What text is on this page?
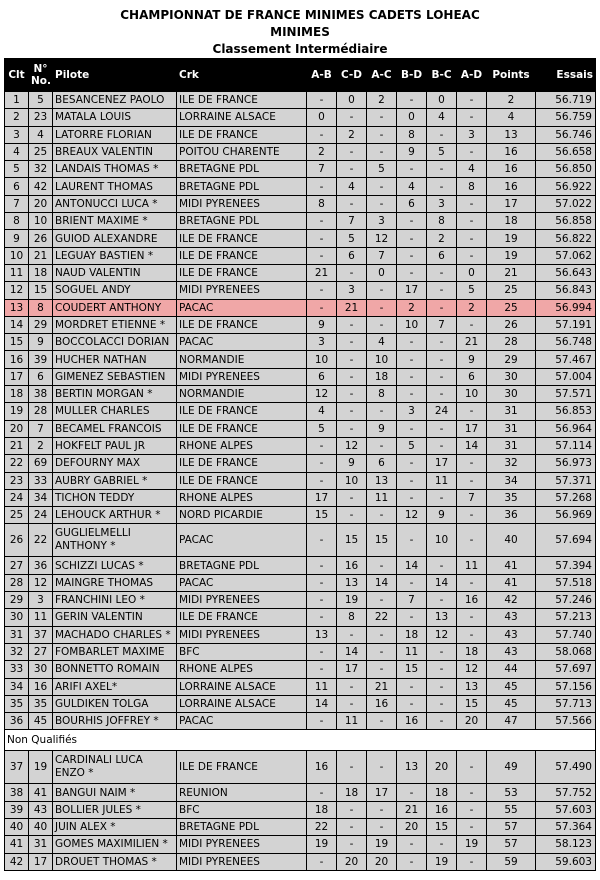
CHAMPIONNAT DE FRANCE MINIMES CADETS LOHEAC
MINIMES
Classement Intermédiaire
Clt	N° No.	Pilote	Crk	A-B	C-D	A-C	B-D	B-C	A-D	Points	Essais
1	5	BESANCENEZ PAOLO	ILE DE FRANCE	-	0	2	-	0	-	2	56.719
2	23	MATALA LOUIS	LORRAINE ALSACE	0	-	-	0	4	-	4	56.759
3	4	LATORRE FLORIAN	ILE DE FRANCE	-	2	-	8	-	3	13	56.746
4	25	BREAUX VALENTIN	POITOU CHARENTE	2	-	-	9	5	-	16	56.658
5	32	LANDAIS THOMAS *	BRETAGNE PDL	7	-	5	-	-	4	16	56.850
6	42	LAURENT THOMAS	BRETAGNE PDL	-	4	-	4	-	8	16	56.922
7	20	ANTONUCCI LUCA *	MIDI PYRENEES	8	-	-	6	3	-	17	57.022
8	10	BRIENT MAXIME *	BRETAGNE PDL	-	7	3	-	8	-	18	56.858
9	26	GUIOD ALEXANDRE	ILE DE FRANCE	-	5	12	-	2	-	19	56.822
10	21	LEGUAY BASTIEN *	ILE DE FRANCE	-	6	7	-	6	-	19	57.062
11	18	NAUD VALENTIN	ILE DE FRANCE	21	-	0	-	-	0	21	56.643
12	15	SOGUEL ANDY	MIDI PYRENEES	-	3	-	17	-	5	25	56.843
13	8	COUDERT ANTHONY	PACAC	-	21	-	2	-	2	25	56.994
14	29	MORDRET ETIENNE *	ILE DE FRANCE	9	-	-	10	7	-	26	57.191
15	9	BOCCOLACCI DORIAN	PACAC	3	-	4	-	-	21	28	56.748
16	39	HUCHER NATHAN	NORMANDIE	10	-	10	-	-	9	29	57.467
17	6	GIMENEZ SEBASTIEN	MIDI PYRENEES	6	-	18	-	-	6	30	57.004
18	38	BERTIN MORGAN *	NORMANDIE	12	-	8	-	-	10	30	57.571
19	28	MULLER CHARLES	ILE DE FRANCE	4	-	-	3	24	-	31	56.853
20	7	BECAMEL FRANCOIS	ILE DE FRANCE	5	-	9	-	-	17	31	56.964
21	2	HOKFELT PAUL JR	RHONE ALPES	-	12	-	5	-	14	31	57.114
22	69	DEFOURNY MAX	ILE DE FRANCE	-	9	6	-	17	-	32	56.973
23	33	AUBRY GABRIEL *	ILE DE FRANCE	-	10	13	-	11	-	34	57.371
24	34	TICHON TEDDY	RHONE ALPES	17	-	11	-	-	7	35	57.268
25	24	LEHOUCK ARTHUR *	NORD PICARDIE	15	-	-	12	9	-	36	56.969
26	22	GUGLIELMELLI ANTHONY *	PACAC	-	15	15	-	10	-	40	57.694
27	36	SCHIZZI LUCAS *	BRETAGNE PDL	-	16	-	14	-	11	41	57.394
28	12	MAINGRE THOMAS	PACAC	-	13	14	-	14	-	41	57.518
29	3	FRANCHINI LEO *	MIDI PYRENEES	-	19	-	7	-	16	42	57.246
30	11	GERIN VALENTIN	ILE DE FRANCE	-	8	22	-	13	-	43	57.213
31	37	MACHADO CHARLES *	MIDI PYRENEES	13	-	-	18	12	-	43	57.740
32	27	FOMBARLET MAXIME	BFC	-	14	-	11	-	18	43	58.068
33	30	BONNETTO ROMAIN	RHONE ALPES	-	17	-	15	-	12	44	57.697
34	16	ARIFI AXEL*	LORRAINE ALSACE	11	-	21	-	-	13	45	57.156
35	35	GULDIKEN TOLGA	LORRAINE ALSACE	14	-	16	-	-	15	45	57.713
36	45	BOURHIS JOFFREY *	PACAC	-	11	-	16	-	20	47	57.566
Non Qualifiés											
37	19	CARDINALI LUCA ENZO *	ILE DE FRANCE	16	-	-	13	20	-	49	57.490
38	41	BANGUI NAIM *	REUNION	-	18	17	-	18	-	53	57.752
39	43	BOLLIER JULES *	BFC	18	-	-	21	16	-	55	57.603
40	40	JUIN ALEX *	BRETAGNE PDL	22	-	-	20	15	-	57	57.364
41	31	GOMES MAXIMILIEN *	MIDI PYRENEES	19	-	19	-	-	19	57	58.123
42	17	DROUET THOMAS *	MIDI PYRENEES	-	20	20	-	19	-	59	59.603
